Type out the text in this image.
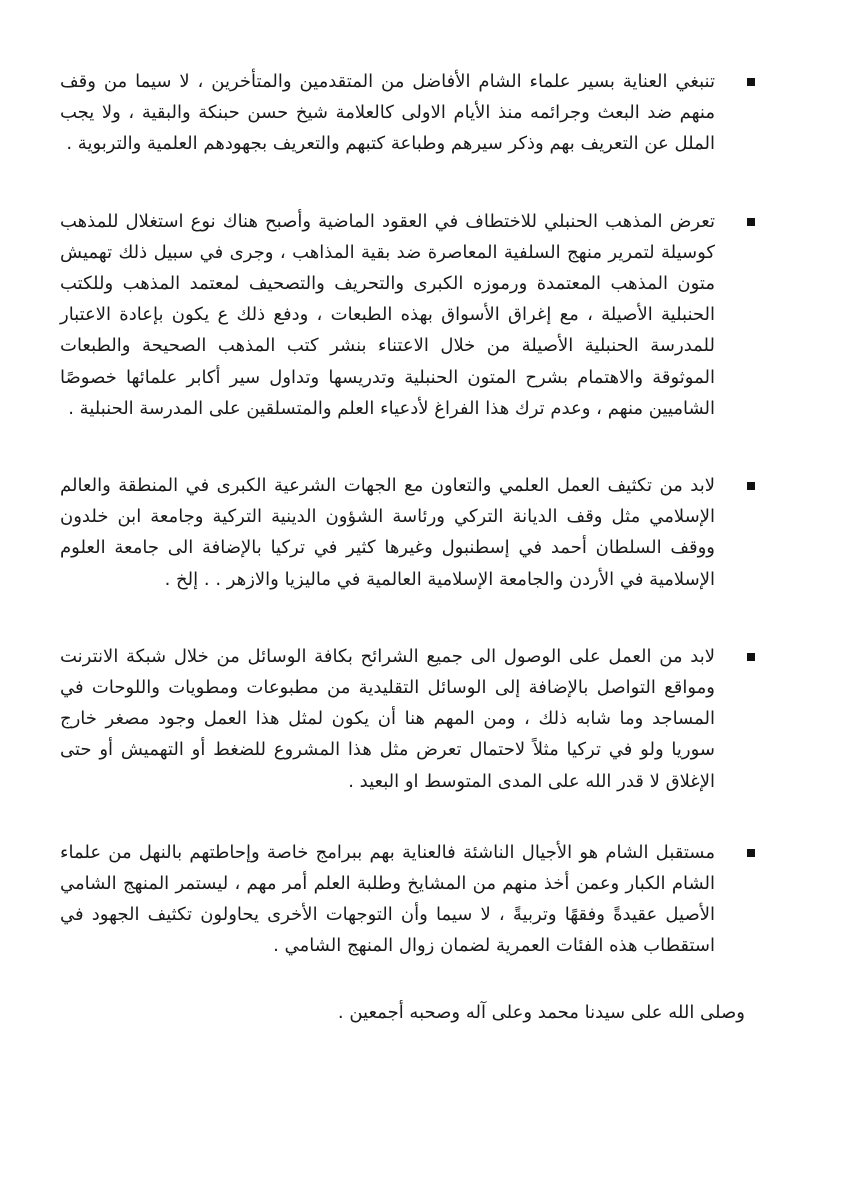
تنبغي العناية بسير علماء الشام الأفاضل من المتقدمين والمتأخرين ، لا سيما من وقف منهم ضد البعث وجرائمه منذ الأيام الاولى كالعلامة شيخ حسن حبنكة والبقية ، ولا يجب الملل عن التعريف بهم وذكر سيرهم وطباعة كتبهم والتعريف بجهودهم العلمية والتربوية .

تعرض المذهب الحنبلي للاختطاف في العقود الماضية وأصبح هناك نوع استغلال للمذهب كوسيلة لتمرير منهج السلفية المعاصرة ضد بقية المذاهب ، وجرى في سبيل ذلك تهميش متون المذهب المعتمدة ورموزه الكبرى والتحريف والتصحيف لمعتمد المذهب وللكتب الحنبلية الأصيلة ، مع إغراق الأسواق بهذه الطبعات ، ودفع ذلك ع يكون بإعادة الاعتبار للمدرسة الحنبلية الأصيلة من خلال الاعتناء بنشر كتب المذهب الصحيحة والطبعات الموثوقة والاهتمام بشرح المتون الحنبلية وتدريسها وتداول سير أكابر علمائها خصوصًا الشاميين منهم ، وعدم ترك هذا الفراغ لأدعياء العلم والمتسلقين على المدرسة الحنبلية .

لابد من تكثيف العمل العلمي والتعاون مع الجهات الشرعية الكبرى في المنطقة والعالم الإسلامي مثل وقف الديانة التركي ورئاسة الشؤون الدينية التركية وجامعة ابن خلدون ووقف السلطان أحمد في إسطنبول وغيرها كثير في تركيا بالإضافة الى جامعة العلوم الإسلامية في الأردن والجامعة الإسلامية العالمية في ماليزيا والازهر . . إلخ .

لابد من العمل على الوصول الى جميع الشرائح بكافة الوسائل من خلال شبكة الانترنت ومواقع التواصل بالإضافة إلى الوسائل التقليدية من مطبوعات ومطويات واللوحات في المساجد وما شابه ذلك ، ومن المهم هنا أن يكون لمثل هذا العمل وجود مصغر خارج سوريا ولو في تركيا مثلاً لاحتمال تعرض مثل هذا المشروع للضغط أو التهميش أو حتى الإغلاق لا قدر الله على المدى المتوسط او البعيد .

مستقبل الشام هو الأجيال الناشئة فالعناية بهم ببرامج خاصة وإحاطتهم بالنهل من علماء الشام الكبار وعمن أخذ منهم من المشايخ وطلبة العلم أمر مهم ، ليستمر المنهج الشامي الأصيل عقيدةً وفقهًا وتربيةً ، لا سيما وأن التوجهات الأخرى يحاولون تكثيف الجهود في استقطاب هذه الفئات العمرية لضمان زوال المنهج الشامي .

وصلى الله على سيدنا محمد وعلى آله وصحبه أجمعين .
